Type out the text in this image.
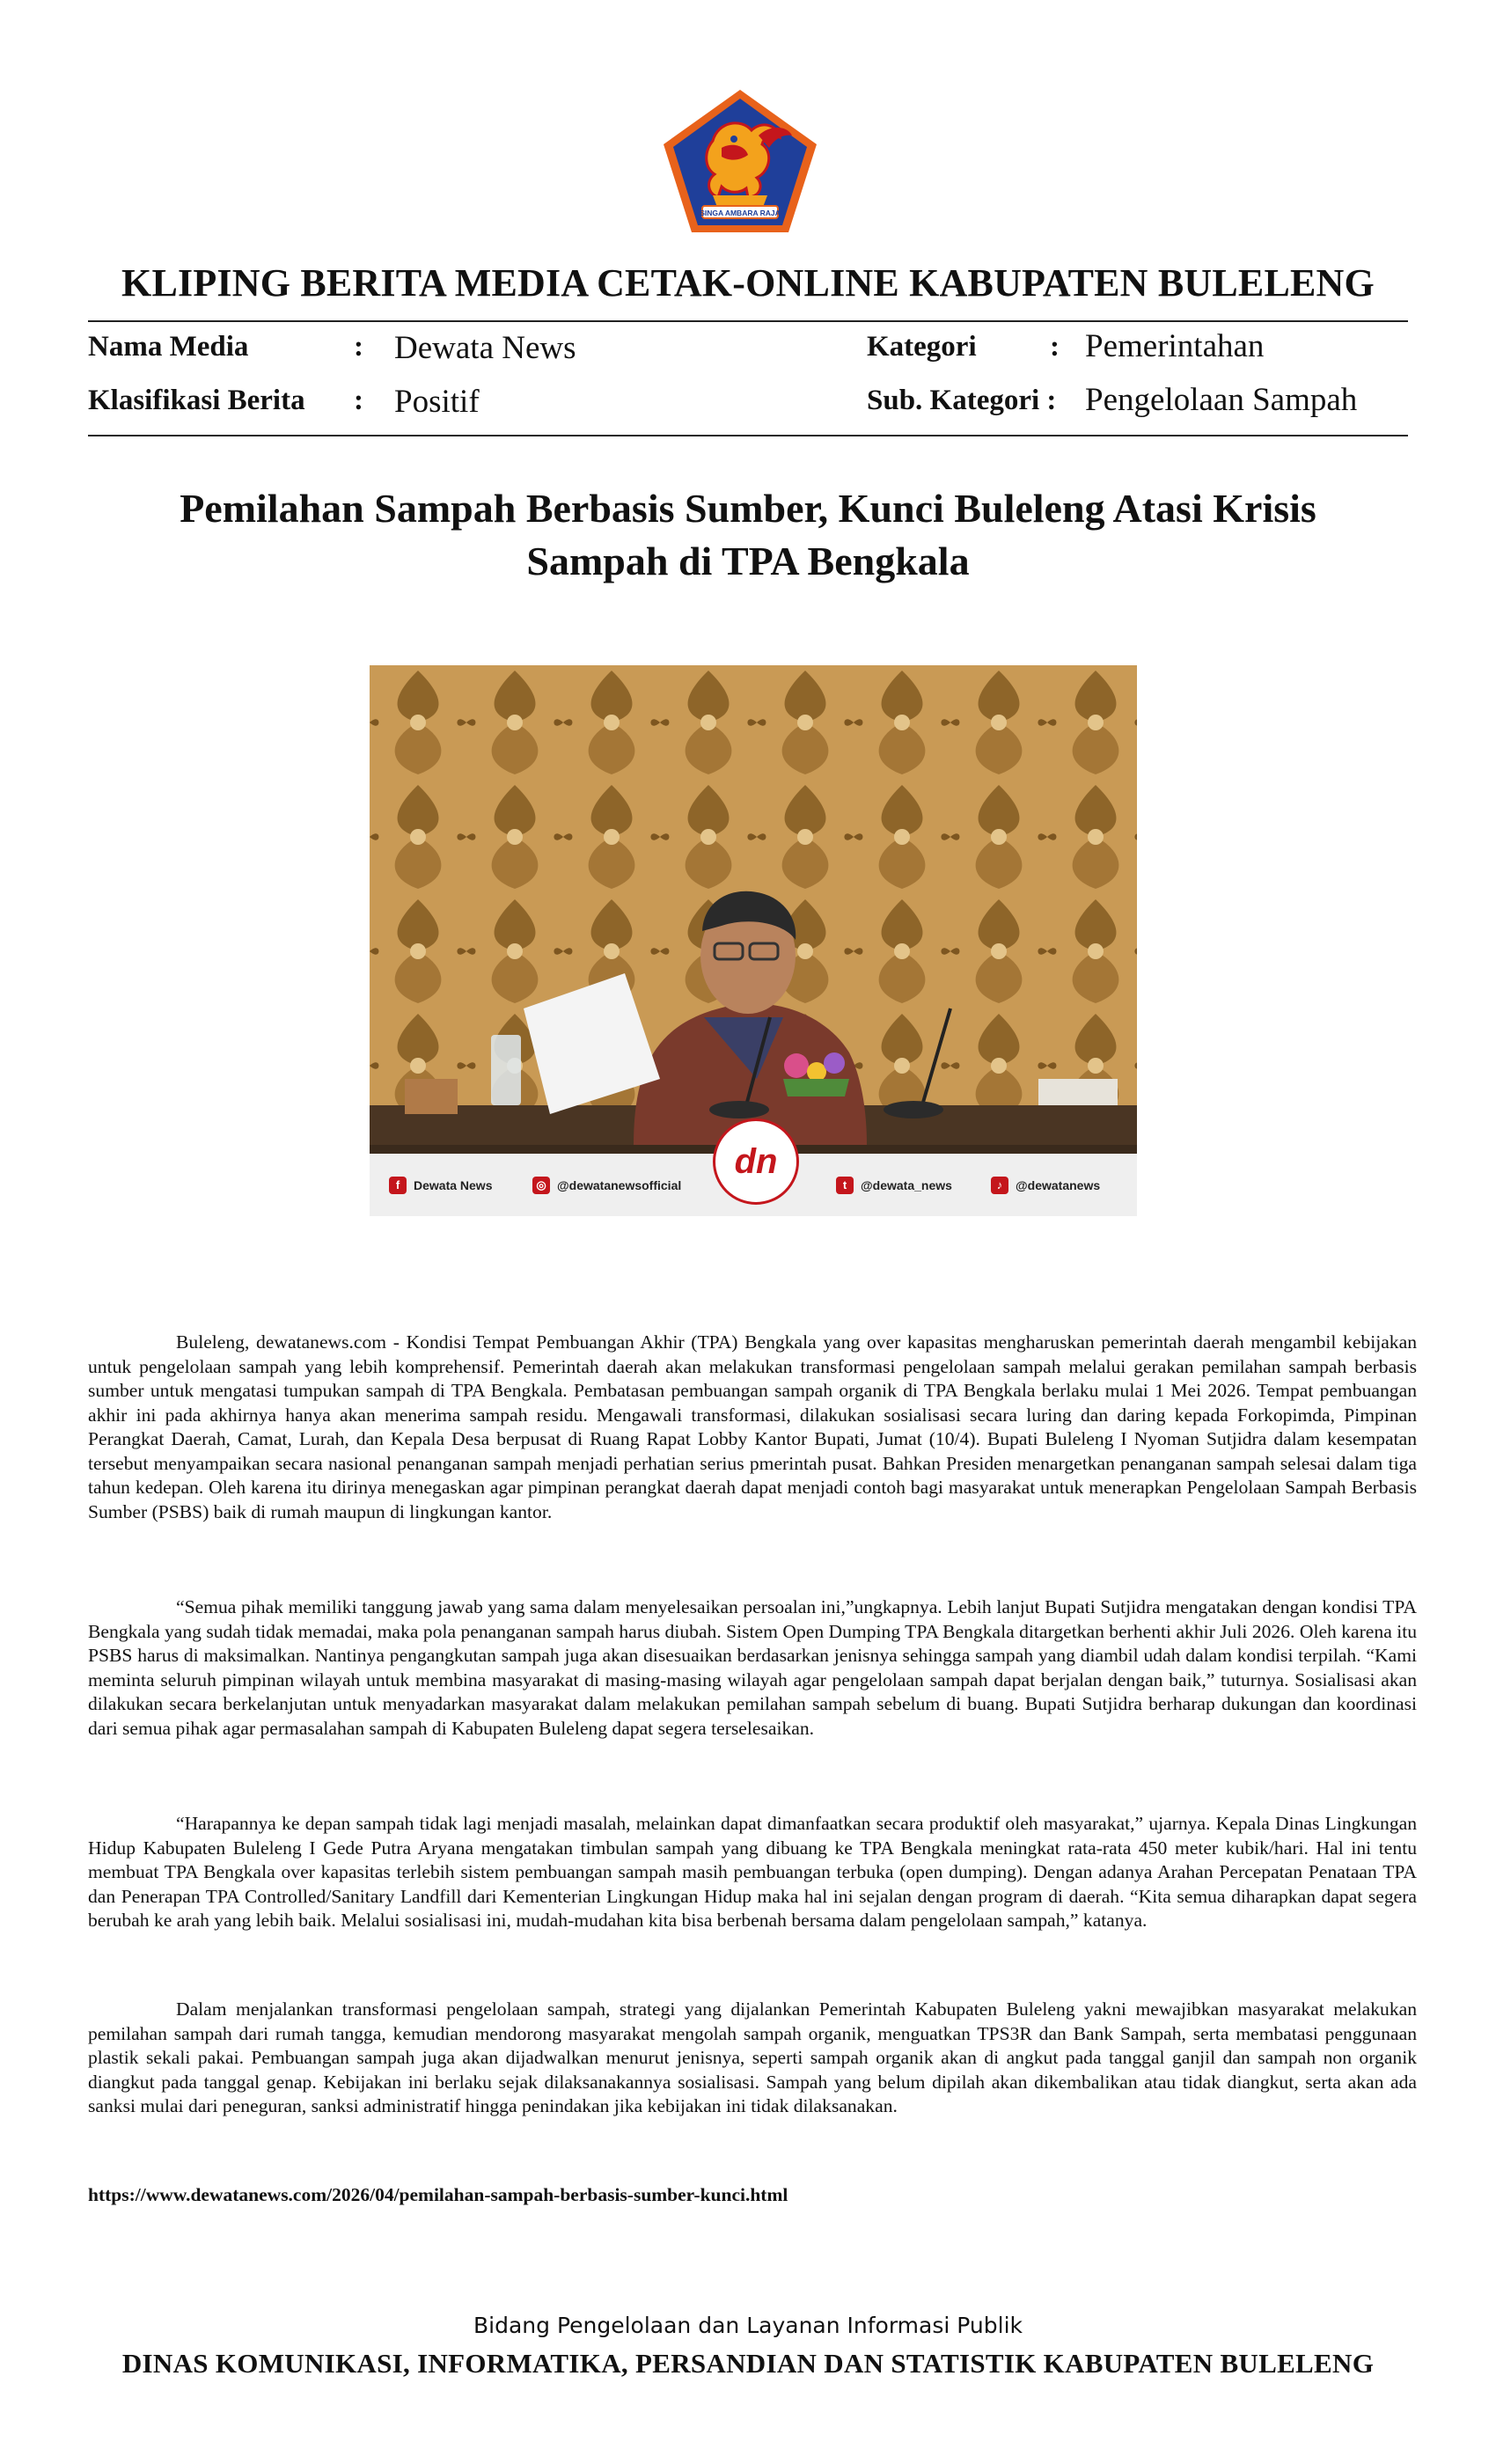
SINGA AMBARA RAJA
KLIPING BERITA MEDIA CETAK-ONLINE KABUPATEN BULELENG
Nama Media	: Dewata News
Klasifikasi Berita : Positif
Kategori	: Pemerintahan
Sub. Kategori : Pengelolaan Sampah
Pemilahan Sampah Berbasis Sumber, Kunci Buleleng Atasi Krisis
Sampah di TPA Bengkala
f	Dewata News	◎ @dewatanewsofficial
dn
t	@dewata_news	♪	@dewatanews

Buleleng, dewatanews.com - Kondisi Tempat Pembuangan Akhir (TPA) Bengkala yang over kapasitas mengharuskan pemerintah daerah mengambil kebijakan untuk pengelolaan sampah yang lebih komprehensif. Pemerintah daerah akan melakukan transformasi pengelolaan sampah melalui gerakan pemilahan sampah berbasis sumber untuk mengatasi tumpukan sampah di TPA Bengkala. Pembatasan pembuangan sampah organik di TPA Bengkala berlaku mulai 1 Mei 2026. Tempat pembuangan akhir ini pada akhirnya hanya akan menerima sampah residu. Mengawali transformasi, dilakukan sosialisasi secara luring dan daring kepada Forkopimda, Pimpinan Perangkat Daerah, Camat, Lurah, dan Kepala Desa berpusat di Ruang Rapat Lobby Kantor Bupati, Jumat (10/4). Bupati Buleleng I Nyoman Sutjidra dalam kesempatan tersebut menyampaikan secara nasional penanganan sampah menjadi perhatian serius pmerintah pusat. Bahkan Presiden menargetkan penanganan sampah selesai dalam tiga tahun kedepan. Oleh karena itu dirinya menegaskan agar pimpinan perangkat daerah dapat menjadi contoh bagi masyarakat untuk menerapkan Pengelolaan Sampah Berbasis Sumber (PSBS) baik di rumah maupun di lingkungan kantor.

“Semua pihak memiliki tanggung jawab yang sama dalam menyelesaikan persoalan ini,”ungkapnya. Lebih lanjut Bupati Sutjidra mengatakan dengan kondisi TPA Bengkala yang sudah tidak memadai, maka pola penanganan sampah harus diubah. Sistem Open Dumping TPA Bengkala ditargetkan berhenti akhir Juli 2026. Oleh karena itu PSBS harus di maksimalkan. Nantinya pengangkutan sampah juga akan disesuaikan berdasarkan jenisnya sehingga sampah yang diambil udah dalam kondisi terpilah. “Kami meminta seluruh pimpinan wilayah untuk membina masyarakat di masing-masing wilayah agar pengelolaan sampah dapat berjalan dengan baik,” tuturnya. Sosialisasi akan dilakukan secara berkelanjutan untuk menyadarkan masyarakat dalam melakukan pemilahan sampah sebelum di buang. Bupati Sutjidra berharap dukungan dan koordinasi dari semua pihak agar permasalahan sampah di Kabupaten Buleleng dapat segera terselesaikan.

“Harapannya ke depan sampah tidak lagi menjadi masalah, melainkan dapat dimanfaatkan secara produktif oleh masyarakat,” ujarnya. Kepala Dinas Lingkungan Hidup Kabupaten Buleleng I Gede Putra Aryana mengatakan timbulan sampah yang dibuang ke TPA Bengkala meningkat rata-rata 450 meter kubik/hari. Hal ini tentu membuat TPA Bengkala over kapasitas terlebih sistem pembuangan sampah masih pembuangan terbuka (open dumping). Dengan adanya Arahan Percepatan Penataan TPA dan Penerapan TPA Controlled/Sanitary Landfill dari Kementerian Lingkungan Hidup maka hal ini sejalan dengan program di daerah. “Kita semua diharapkan dapat segera berubah ke arah yang lebih baik. Melalui sosialisasi ini, mudah-mudahan kita bisa berbenah bersama dalam pengelolaan sampah,” katanya.

Dalam menjalankan transformasi pengelolaan sampah, strategi yang dijalankan Pemerintah Kabupaten Buleleng yakni mewajibkan masyarakat melakukan pemilahan sampah dari rumah tangga, kemudian mendorong masyarakat mengolah sampah organik, menguatkan TPS3R dan Bank Sampah, serta membatasi penggunaan plastik sekali pakai. Pembuangan sampah juga akan dijadwalkan menurut jenisnya, seperti sampah organik akan di angkut pada tanggal ganjil dan sampah non organik diangkut pada tanggal genap. Kebijakan ini berlaku sejak dilaksanakannya sosialisasi. Sampah yang belum dipilah akan dikembalikan atau tidak diangkut, serta akan ada sanksi mulai dari peneguran, sanksi administratif hingga penindakan jika kebijakan ini tidak dilaksanakan.

https://www.dewatanews.com/2026/04/pemilahan-sampah-berbasis-sumber-kunci.html
Bidang Pengelolaan dan Layanan Informasi Publik
DINAS KOMUNIKASI, INFORMATIKA, PERSANDIAN DAN STATISTIK KABUPATEN BULELENG
